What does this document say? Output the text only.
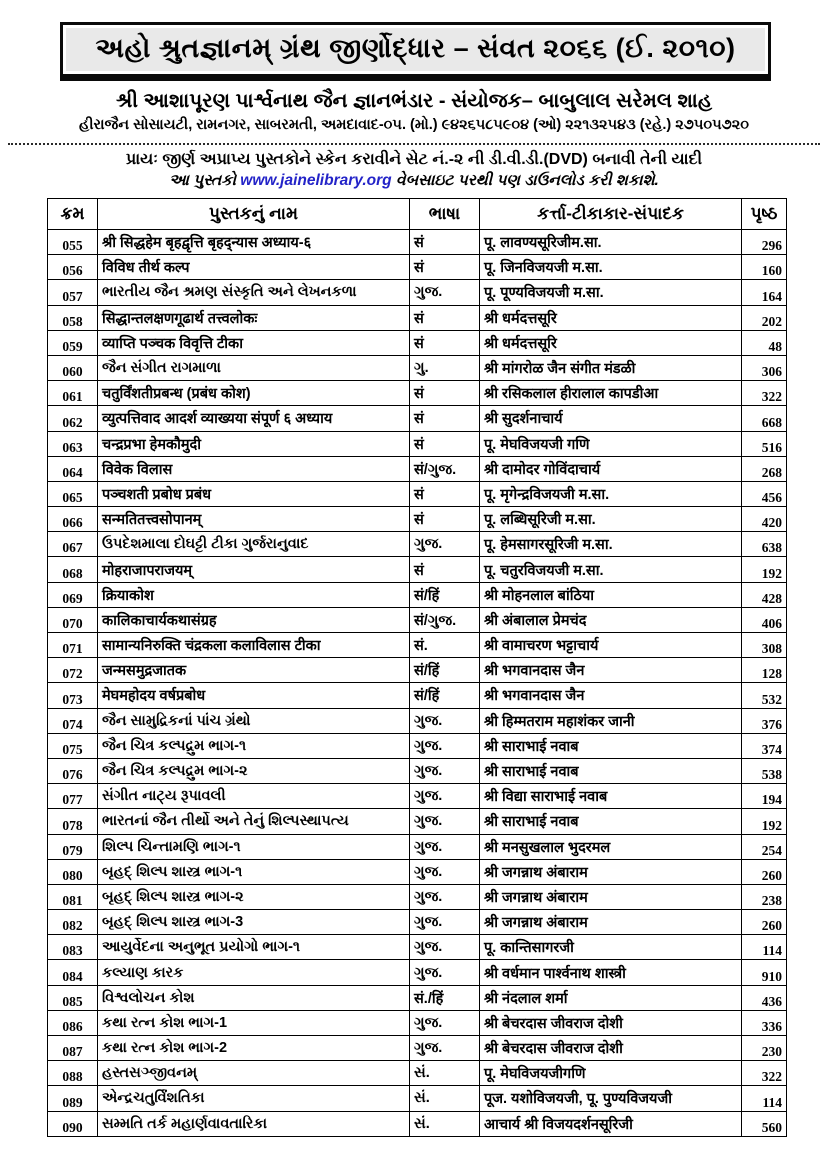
અહો શ્રુતજ્ઞાનમ્ ગ્રંથ જીર્ણોદ્ધાર – સંવત ૨૦૬૬ (ઈ. ૨૦૧૦)
શ્રી આશાપૂરણ પાર્શ્વનાથ જૈન જ્ઞાનભંડાર - સંયોજક– બાબુલાલ સરેમલ શાહ
હીરાજૈન સોસાયટી, રામનગર, સાબરમતી, અમદાવાદ-૦૫. (મો.) ૯૪૨૬૫૮૫૯૦૪ (ઓ) ૨૨૧૩૨૫૪૩ (રહે.) ૨૭૫૦૫૭૨૦
પ્રાયઃ જીર્ણ અપ્રાપ્ય પુસ્તકોને સ્કેન કરાવીને સેટ નં.-૨ ની ડી.વી.ડી.(DVD) બનાવી તેની યાદી
આ પુસ્તકો www.jainelibrary.org વેબસાઇટ પરથી પણ ડાઉનલોડ કરી શકાશે.
ક્રમ	પુસ્તકનું નામ	ભાષા	કર્ત્તા-ટીકાકાર-સંપાદક	પૃષ્ઠ
055	श्री सिद्धहेम बृहद्वृत्ति बृहद्न्यास अध्याय-६	सं	पू. लावण्यसूरिजीम.सा.	296
056	विविध तीर्थ कल्प	सं	पू. जिनविजयजी म.सा.	160
057	ભારતીય જૈન શ્રમણ સંસ્કૃતિ અને લેખનકળા	ગુજ.	पू. पूण्यविजयजी म.सा.	164
058	सिद्धान्तलक्षणगूढार्थ तत्त्वलोकः	सं	श्री धर्मदत्तसूरि	202
059	व्याप्ति पञ्चक विवृत्ति टीका	सं	श्री धर्मदत्तसूरि	48
060	જૈન સંગીત રાગમાળા	ગુ.	श्री मांगरोळ जैन संगीत मंडळी	306
061	चतुर्विंशतीप्रबन्ध (प्रबंध कोश)	सं	श्री रसिकलाल हीरालाल कापडीआ	322
062	व्युत्पत्तिवाद आदर्श व्याख्यया संपूर्ण ६ अध्याय	सं	श्री सुदर्शनाचार्य	668
063	चन्द्रप्रभा हेमकौमुदी	सं	पू. मेघविजयजी गणि	516
064	विवेक विलास	सं/ગુજ.	श्री दामोदर गोविंदाचार्य	268
065	पञ्चशती प्रबोध प्रबंध	सं	पू. मृगेन्द्रविजयजी म.सा.	456
066	सन्मतितत्त्वसोपानम्	सं	पू. लब्धिसूरिजी म.सा.	420
067	ઉપદેશમાલા દોઘટ્ટી ટીકા ગુર્જરાનુવાદ	ગુજ.	पू. हेमसागरसूरिजी म.सा.	638
068	मोहराजापराजयम्	सं	पू. चतुरविजयजी म.सा.	192
069	क्रियाकोश	सं/हिं	श्री मोहनलाल बांठिया	428
070	कालिकाचार्यकथासंग्रह	सं/ગુજ.	श्री अंबालाल प्रेमचंद	406
071	सामान्यनिरुक्ति चंद्रकला कलाविलास टीका	सं.	श्री वामाचरण भट्टाचार्य	308
072	जन्मसमुद्रजातक	सं/हिं	श्री भगवानदास जैन	128
073	मेघमहोदय वर्षप्रबोध	सं/हिं	श्री भगवानदास जैन	532
074	જૈન સામુદ્રિકનાં પાંચ ગ્રંથો	ગુજ.	श्री हिम्मतराम महाशंकर जानी	376
075	જૈન ચિત્ર કલ્પદ્રુમ ભાગ-૧	ગુજ.	श्री साराभाई नवाब	374
076	જૈન ચિત્ર કલ્પદ્રુમ ભાગ-૨	ગુજ.	श्री साराभाई नवाब	538
077	સંગીત નાટ્ય રૂપાવલી	ગુજ.	श्री विद्या साराभाई नवाब	194
078	ભારતનાં જૈન તીર્થો અને તેનું શિલ્પસ્થાપત્ય	ગુજ.	श्री साराभाई नवाब	192
079	શિલ્પ ચિન્તામણિ ભાગ-૧	ગુજ.	श्री मनसुखलाल भुदरमल	254
080	બૃહદ્ શિલ્પ શાસ્ત્ર ભાગ-૧	ગુજ.	श्री जगन्नाथ अंबाराम	260
081	બૃહદ્ શિલ્પ શાસ્ત્ર ભાગ-૨	ગુજ.	श्री जगन्नाथ अंबाराम	238
082	બૃહદ્ શિલ્પ શાસ્ત્ર ભાગ-3	ગુજ.	श्री जगन्नाथ अंबाराम	260
083	આયુર્વેદના અનુભૂત પ્રયોગો ભાગ-૧	ગુજ.	पू. कान्तिसागरजी	114
084	કલ્યાણ કારક	ગુજ.	श्री वर्धमान पार्श्वनाथ शास्त्री	910
085	વિશ્વલોચન કોશ	सं./हिं	श्री नंदलाल शर्मा	436
086	કથા રત્ન કોશ ભાગ-1	ગુજ.	श्री बेचरदास जीवराज दोशी	336
087	કથા રત્ન કોશ ભાગ-2	ગુજ.	श्री बेचरदास जीवराज दोशी	230
088	હસ્તસઞ્જીવનમ્	સં.	पू. मेघविजयजीगणि	322
089	એન્દ્રચતુર્વિંશતિકા	સં.	पूज. यशोविजयजी, पू. पुण्यविजयजी	114
090	સમ્મતિ તર્ક મહાર્ણવાવતારિકા	સં.	आचार्य श्री विजयदर्शनसूरिजी	560
